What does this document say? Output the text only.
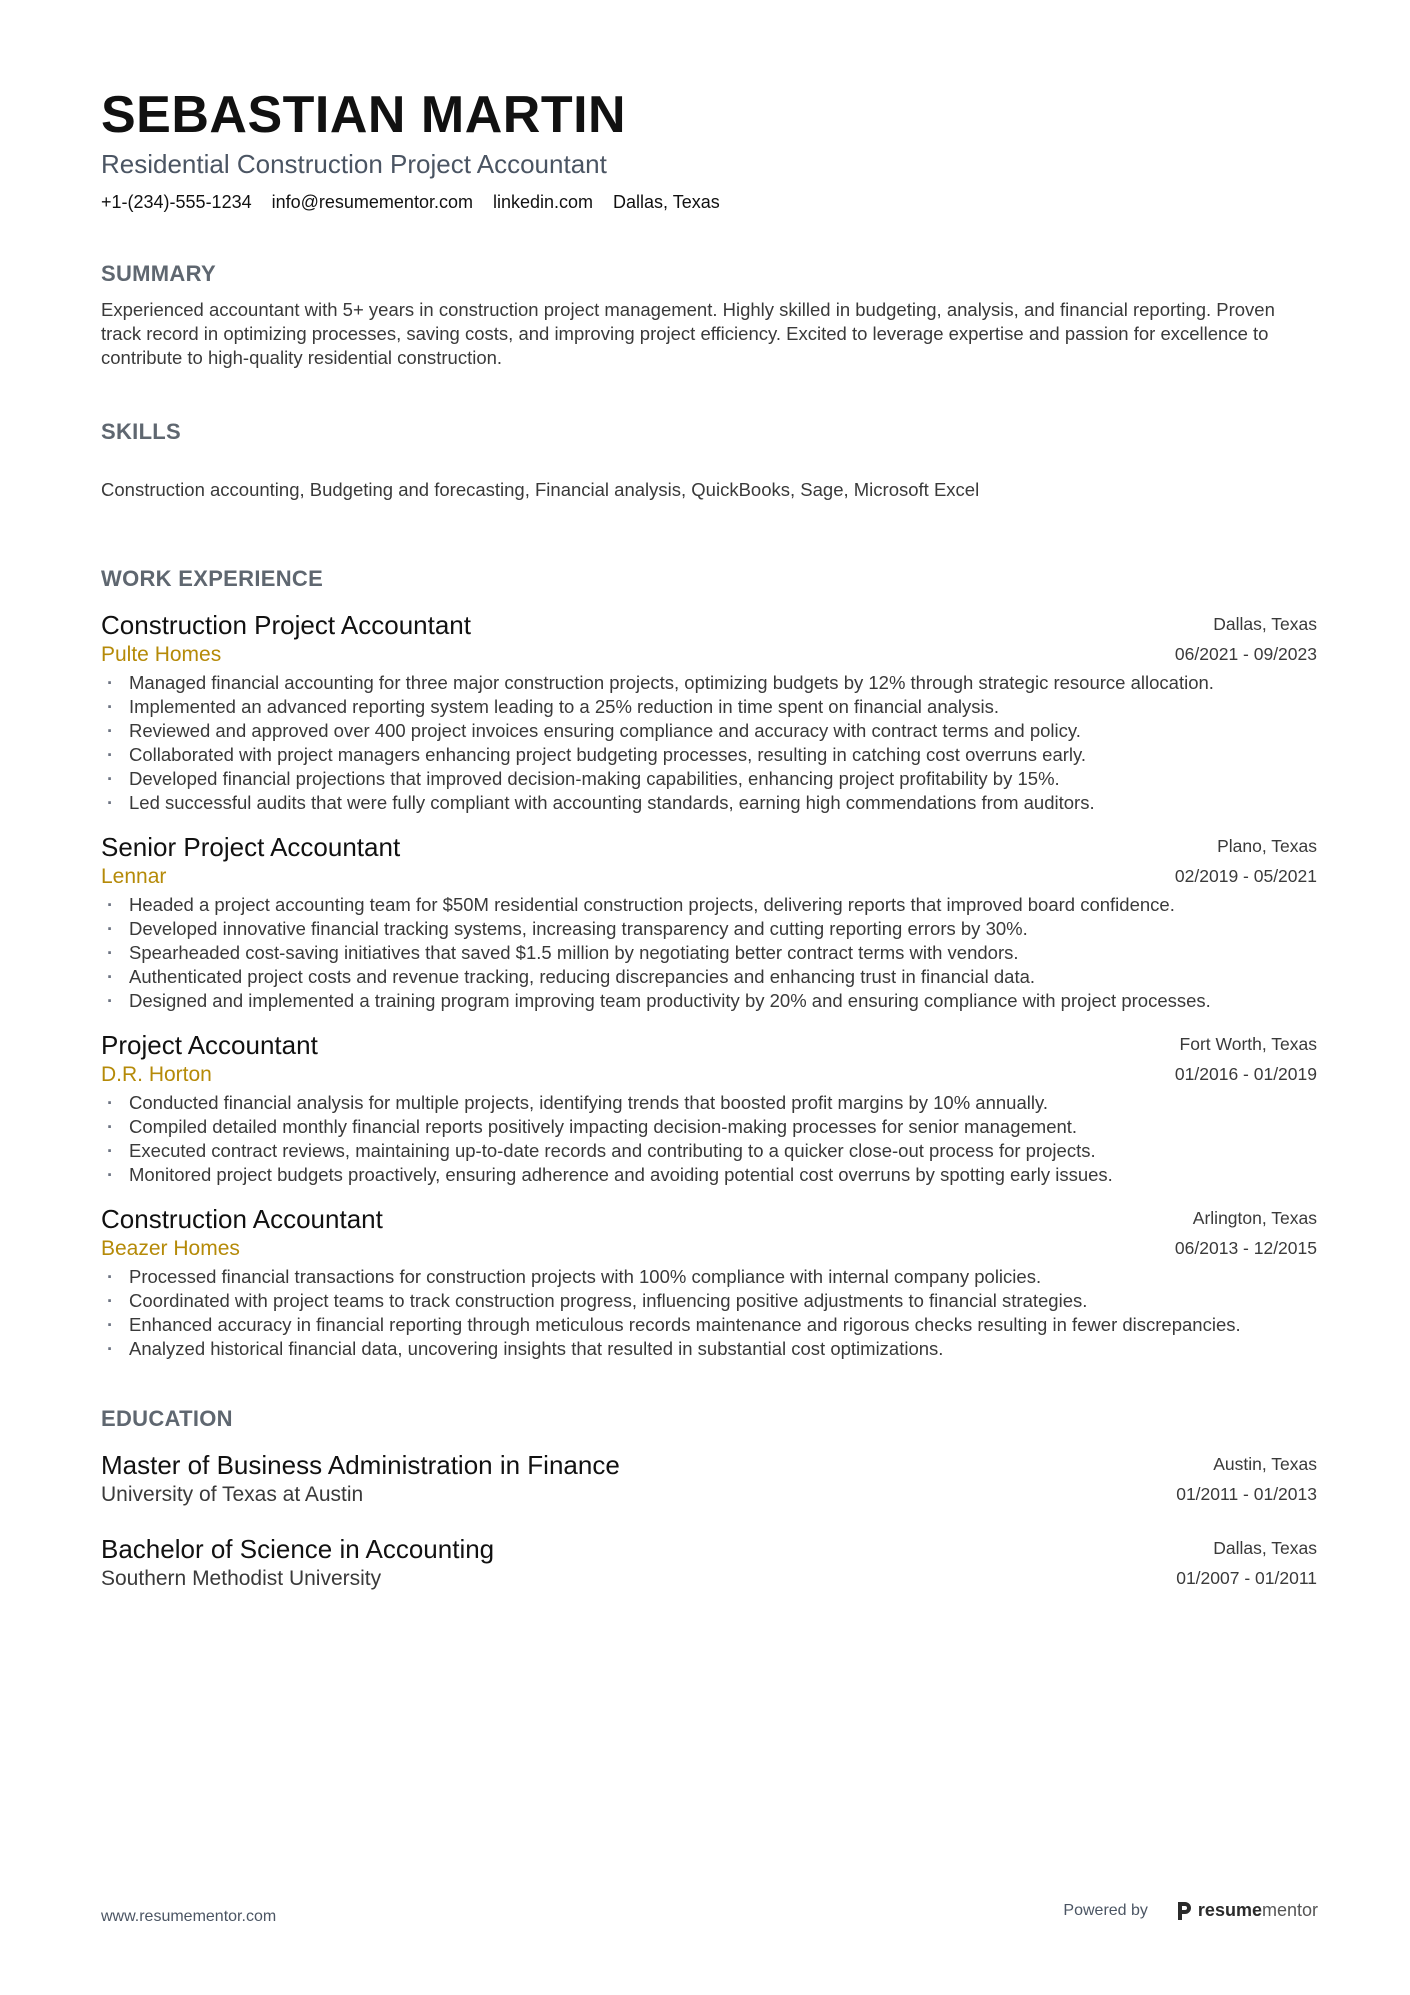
SEBASTIAN MARTIN
Residential Construction Project Accountant
+1-(234)-555-1234 info@resumementor.com linkedin.com Dallas, Texas
SUMMARY
Experienced accountant with 5+ years in construction project management. Highly skilled in budgeting, analysis, and financial reporting. Proven track record in optimizing processes, saving costs, and improving project efficiency. Excited to leverage expertise and passion for excellence to contribute to high-quality residential construction.
SKILLS
Construction accounting, Budgeting and forecasting, Financial analysis, QuickBooks, Sage, Microsoft Excel
WORK EXPERIENCE
Construction Project Accountant
Pulte Homes
Dallas, Texas
06/2021 - 09/2023
· Managed financial accounting for three major construction projects, optimizing budgets by 12% through strategic resource allocation.
· Implemented an advanced reporting system leading to a 25% reduction in time spent on financial analysis.
· Reviewed and approved over 400 project invoices ensuring compliance and accuracy with contract terms and policy.
· Collaborated with project managers enhancing project budgeting processes, resulting in catching cost overruns early.
· Developed financial projections that improved decision-making capabilities, enhancing project profitability by 15%.
· Led successful audits that were fully compliant with accounting standards, earning high commendations from auditors.
Senior Project Accountant
Lennar
Plano, Texas
02/2019 - 05/2021
· Headed a project accounting team for $50M residential construction projects, delivering reports that improved board confidence.
· Developed innovative financial tracking systems, increasing transparency and cutting reporting errors by 30%.
· Spearheaded cost-saving initiatives that saved $1.5 million by negotiating better contract terms with vendors.
· Authenticated project costs and revenue tracking, reducing discrepancies and enhancing trust in financial data.
· Designed and implemented a training program improving team productivity by 20% and ensuring compliance with project processes.
Project Accountant
D.R. Horton
Fort Worth, Texas
01/2016 - 01/2019
· Conducted financial analysis for multiple projects, identifying trends that boosted profit margins by 10% annually.
· Compiled detailed monthly financial reports positively impacting decision-making processes for senior management.
· Executed contract reviews, maintaining up-to-date records and contributing to a quicker close-out process for projects.
· Monitored project budgets proactively, ensuring adherence and avoiding potential cost overruns by spotting early issues.
Construction Accountant
Beazer Homes
Arlington, Texas
06/2013 - 12/2015
· Processed financial transactions for construction projects with 100% compliance with internal company policies.
· Coordinated with project teams to track construction progress, influencing positive adjustments to financial strategies.
· Enhanced accuracy in financial reporting through meticulous records maintenance and rigorous checks resulting in fewer discrepancies.
· Analyzed historical financial data, uncovering insights that resulted in substantial cost optimizations.
EDUCATION
Master of Business Administration in Finance
University of Texas at Austin
Austin, Texas
01/2011 - 01/2013
Bachelor of Science in Accounting
Southern Methodist University
Dallas, Texas
01/2007 - 01/2011
www.resumementor.com	Powered by	resume mentor
